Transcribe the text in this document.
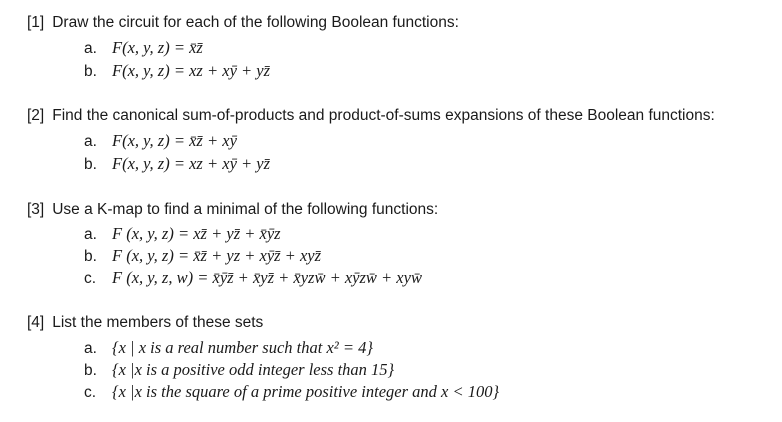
[1] Draw the circuit for each of the following Boolean functions:
a. F(x, y, z) = x̄z̄
b. F(x, y, z) = xz + xȳ + yz̄
[2] Find the canonical sum-of-products and product-of-sums expansions of these Boolean functions:
a. F(x, y, z) = x̄z̄ + xȳ
b. F(x, y, z) = xz + xȳ + yz̄
[3] Use a K-map to find a minimal of the following functions:
a. F (x, y, z) = xz̄ + yz̄ + x̄ȳz
b. F (x, y, z) = x̄z̄ + yz + xȳz̄ + xyz̄
c. F (x, y, z, w) = x̄ȳz̄ + x̄yz̄ + x̄yzw̄ + xȳzw̄ + xyw̄
[4] List the members of these sets
a. {x | x is a real number such that x² = 4}
b. {x |x is a positive odd integer less than 15}
c. {x |x is the square of a prime positive integer and x < 100}
